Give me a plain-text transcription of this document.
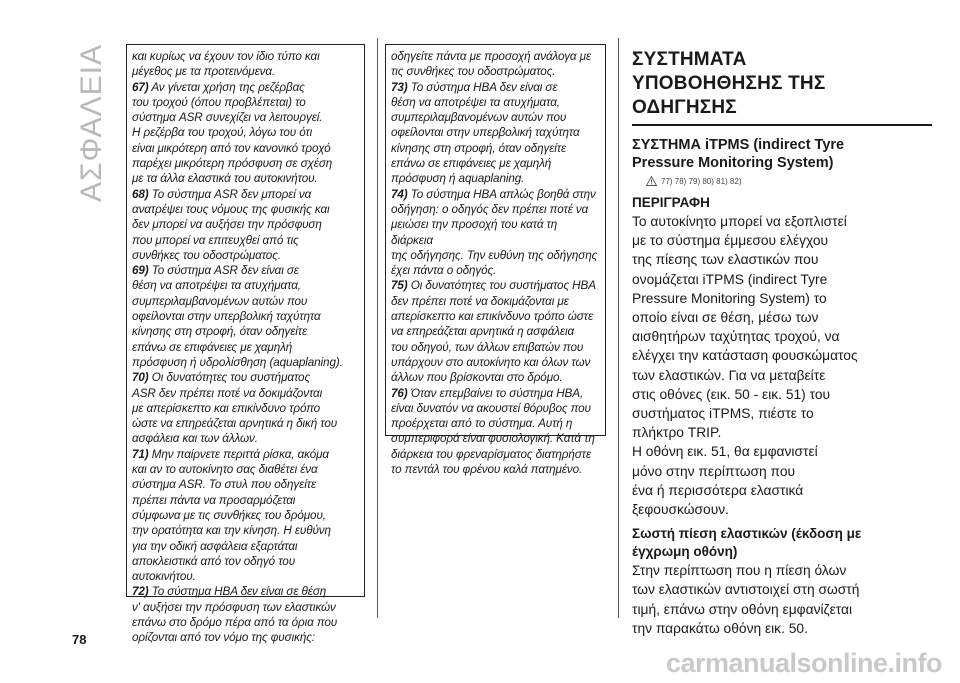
ΑΣΦΑΛΕΙΑ και κυρίως να έχουν τον ίδιο τύπο και
μέγεθος με τα προτεινόμενα.

67) Αν γίνεται χρήση της ρεζέρβας
του τροχού (όπου προβλέπεται) το
σύστημα ASR συνεχίζει να λειτουργεί.
Η ρεζέρβα του τροχού, λόγω του ότι
είναι μικρότερη από τον κανονικό τροχό
παρέχει μικρότερη πρόσφυση σε σχέση
με τα άλλα ελαστικά του αυτοκινήτου.

68) Το σύστημα ASR δεν μπορεί να
ανατρέψει τους νόμους της φυσικής και
δεν μπορεί να αυξήσει την πρόσφυση
που μπορεί να επιτευχθεί από τις
συνθήκες του οδοστρώματος.

69) Το σύστημα ASR δεν είναι σε
θέση να αποτρέψει τα ατυχήματα,
συμπεριλαμβανομένων αυτών που
οφείλονται στην υπερβολική ταχύτητα
κίνησης στη στροφή, όταν οδηγείτε
επάνω σε επιφάνειες με χαμηλή
πρόσφυση ή υδρολίσθηση (aquaplaning).

70) Οι δυνατότητες του συστήματος
ASR δεν πρέπει ποτέ να δοκιμάζονται
με απερίσκεπτο και επικίνδυνο τρόπο
ώστε να επηρεάζεται αρνητικά η δική του
ασφάλεια και των άλλων.

71) Μην παίρνετε περιττά ρίσκα, ακόμα
και αν το αυτοκίνητο σας διαθέτει ένα
σύστημα ASR. Το στυλ που οδηγείτε
πρέπει πάντα να προσαρμόζεται
σύμφωνα με τις συνθήκες του δρόμου,
την ορατότητα και την κίνηση. Η ευθύνη
για την οδική ασφάλεια εξαρτάται
αποκλειστικά από τον οδηγό του
αυτοκινήτου.

72) Το σύστημα HBA δεν είναι σε θέση
ν' αυξήσει την πρόσφυση των ελαστικών
επάνω στο δρόμο πέρα από τα όρια που
ορίζονται από τον νόμο της φυσικής:

οδηγείτε πάντα με προσοχή ανάλογα με
τις συνθήκες του οδοστρώματος.

73) Το σύστημα HBA δεν είναι σε
θέση να αποτρέψει τα ατυχήματα,
συμπεριλαμβανομένων αυτών που
οφείλονται στην υπερβολική ταχύτητα
κίνησης στη στροφή, όταν οδηγείτε
επάνω σε επιφάνειες με χαμηλή
πρόσφυση ή aquaplaning.

74) Το σύστημα HBA απλώς βοηθά στην
οδήγηση: ο οδηγός δεν πρέπει ποτέ να
μειώσει την προσοχή του κατά τη διάρκεια
της οδήγησης. Την ευθύνη της οδήγησης
έχει πάντα ο οδηγός.

75) Οι δυνατότητες του συστήματος HBA
δεν πρέπει ποτέ να δοκιμάζονται με
απερίσκεπτο και επικίνδυνο τρόπο ώστε
να επηρεάζεται αρνητικά η ασφάλεια
του οδηγού, των άλλων επιβατών που
υπάρχουν στο αυτοκίνητο και όλων των
άλλων που βρίσκονται στο δρόμο.

76) Όταν επεμβαίνει το σύστημα HBA,
είναι δυνατόν να ακουστεί θόρυβος που
προέρχεται από το σύστημα. Αυτή η
συμπεριφορά είναι φυσιολογική. Κατά τη
διάρκεια του φρεναρίσματος διατηρήστε
το πεντάλ του φρένου καλά πατημένο.

ΣΥΣΤΗΜΑΤΑ
ΥΠΟΒΟΗΘΗΣΗΣ ΤΗΣ
ΟΔΗΓΗΣΗΣ

ΣΥΣΤΗΜΑ iTPMS (indirect Tyre
Pressure Monitoring System)

77) 78) 79) 80) 81) 82)

ΠΕΡΙΓΡΑΦΗ

Το αυτοκίνητο μπορεί να εξοπλιστεί
με το σύστημα έμμεσου ελέγχου
της πίεσης των ελαστικών που
ονομάζεται iTPMS (indirect Tyre
Pressure Monitoring System) το
οποίο είναι σε θέση, μέσω των
αισθητήρων ταχύτητας τροχού, να
ελέγχει την κατάσταση φουσκώματος
των ελαστικών. Για να μεταβείτε
στις οθόνες (εικ. 50 - εικ. 51) του
συστήματος iTPMS, πιέστε το
πλήκτρο TRIP.
Η οθόνη εικ. 51, θα εμφανιστεί
μόνο στην περίπτωση που
ένα ή περισσότερα ελαστικά
ξεφουσκώσουν.

Σωστή πίεση ελαστικών (έκδοση με
έγχρωμη οθόνη)

Στην περίπτωση που η πίεση όλων
των ελαστικών αντιστοιχεί στη σωστή
τιμή, επάνω στην οθόνη εμφανίζεται
την παρακάτω οθόνη εικ. 50.

78
carmanualsonline.info
